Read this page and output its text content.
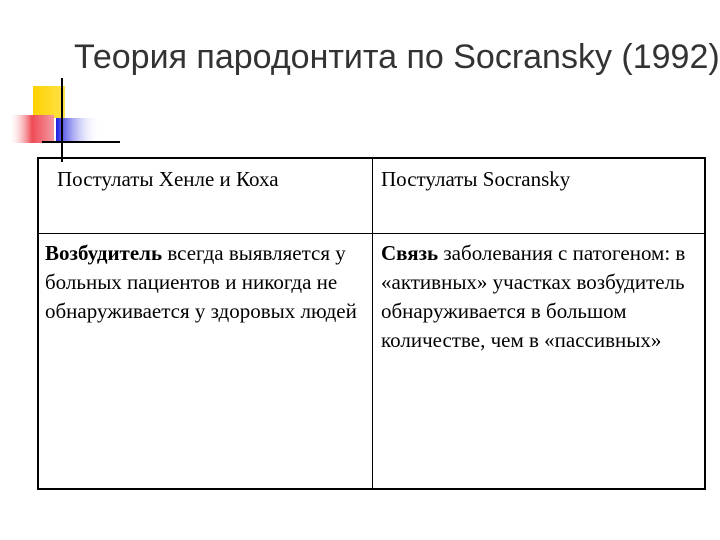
Теория пародонтита по Socransky (1992)
Постулаты Хенле и Коха	Постулаты Socransky
Возбудитель всегда выявляется у больных пациентов и никогда не обнаруживается у здоровых людей
Связь заболевания с патогеном: в «активных» участках возбудитель обнаруживается в большом количестве, чем в «пассивных»
